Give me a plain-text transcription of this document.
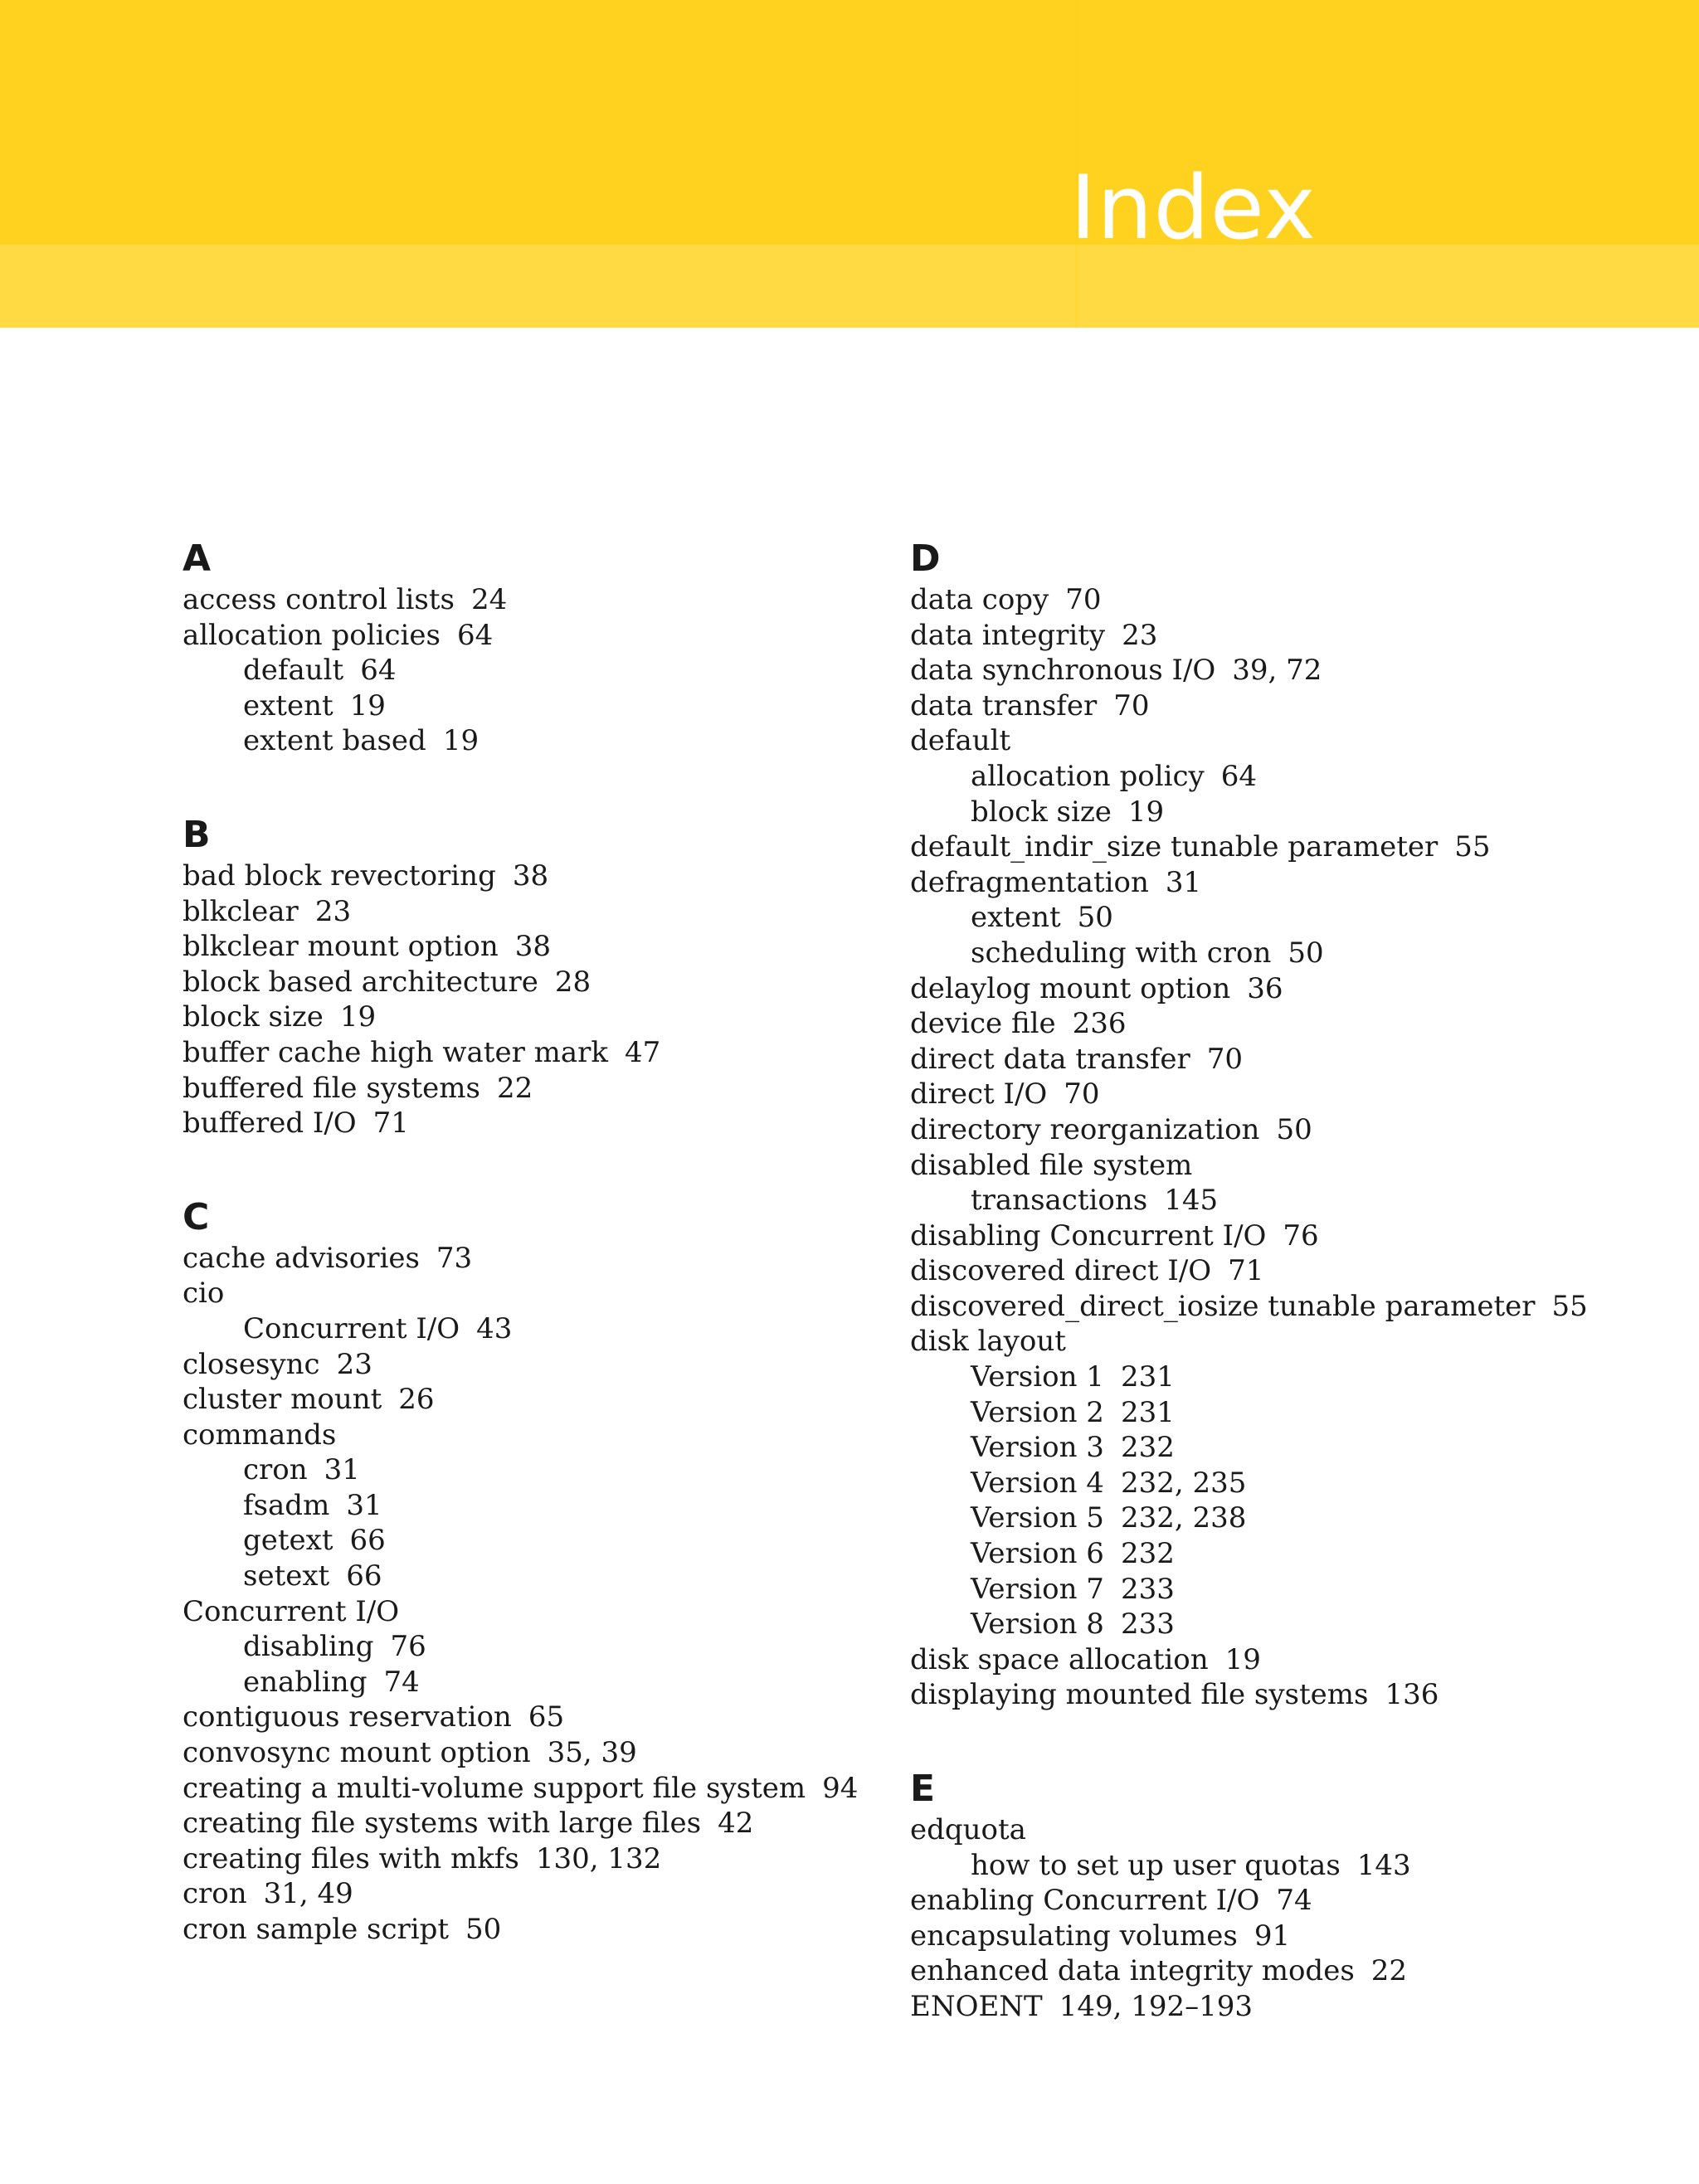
Index
A
access control lists 24
allocation policies 64
default 64
extent 19
extent based 19
B
bad block revectoring 38
blkclear 23
blkclear mount option 38
block based architecture 28
block size 19
buffer cache high water mark 47
buffered file systems 22
buffered I/O 71
C
cache advisories 73
cio
Concurrent I/O 43
closesync 23
cluster mount 26
commands
cron 31
fsadm 31
getext 66
setext 66
Concurrent I/O
disabling 76
enabling 74
contiguous reservation 65
convosync mount option 35, 39
creating a multi-volume support file system 94
creating file systems with large files 42
creating files with mkfs 130, 132
cron 31, 49
cron sample script 50
D
data copy 70
data integrity 23
data synchronous I/O 39, 72
data transfer 70
default
allocation policy 64
block size 19
default_indir_size tunable parameter 55
defragmentation 31
extent 50
scheduling with cron 50
delaylog mount option 36
device file 236
direct data transfer 70
direct I/O 70
directory reorganization 50
disabled file system
transactions 145
disabling Concurrent I/O 76
discovered direct I/O 71
discovered_direct_iosize tunable parameter 55
disk layout
Version 1 231
Version 2 231
Version 3 232
Version 4 232, 235
Version 5 232, 238
Version 6 232
Version 7 233
Version 8 233
disk space allocation 19
displaying mounted file systems 136
E
edquota
how to set up user quotas 143
enabling Concurrent I/O 74
encapsulating volumes 91
enhanced data integrity modes 22
ENOENT 149, 192–193
